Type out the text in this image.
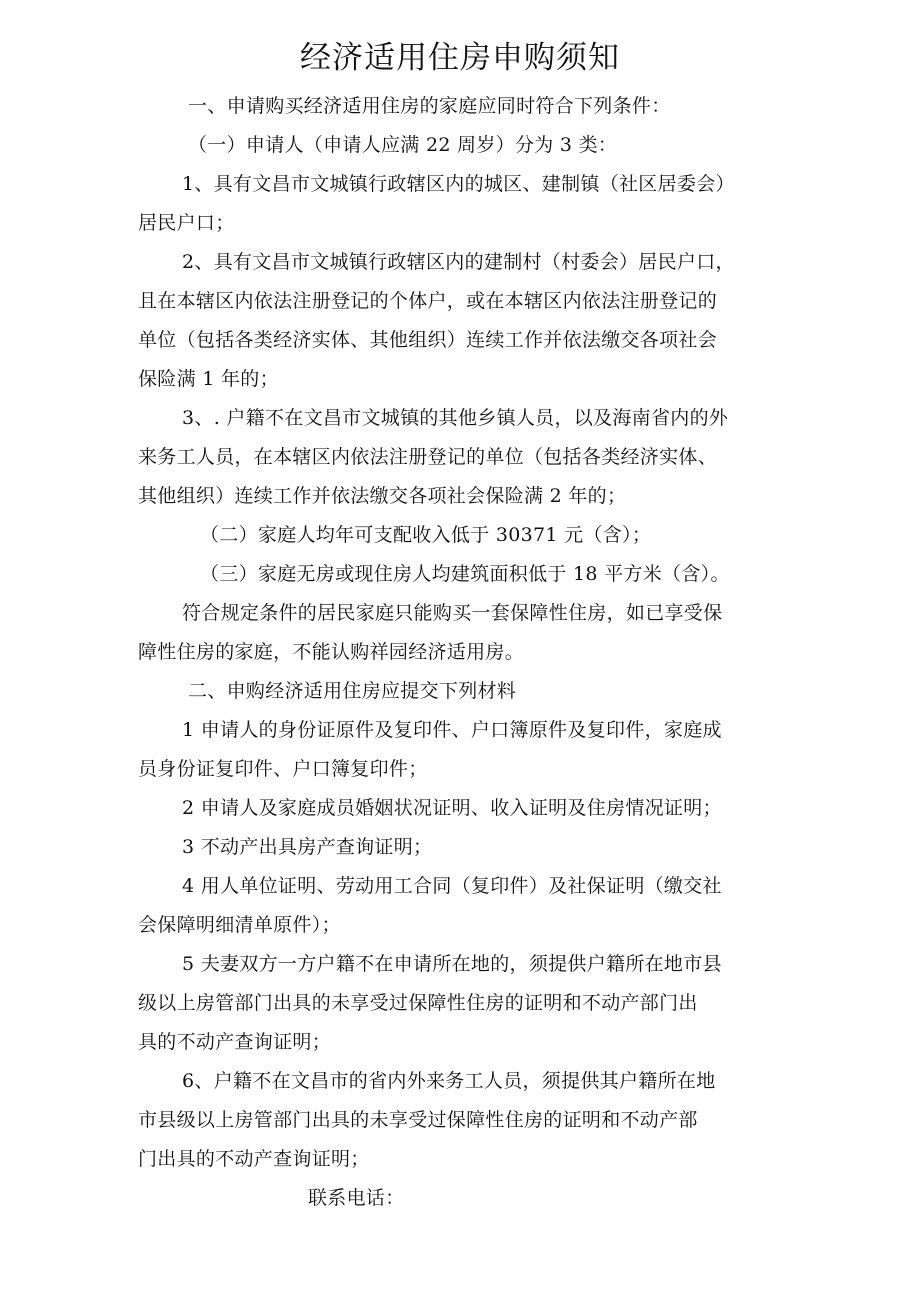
经济适用住房申购须知

一、申请购买经济适用住房的家庭应同时符合下列条件：

（一）申请人（申请人应满 22 周岁）分为 3 类：

1、具有文昌市文城镇行政辖区内的城区、建制镇（社区居委会）

居民户口；

2、具有文昌市文城镇行政辖区内的建制村（村委会）居民户口，

且在本辖区内依法注册登记的个体户，或在本辖区内依法注册登记的

单位（包括各类经济实体、其他组织）连续工作并依法缴交各项社会

保险满 1 年的；

3、. 户籍不在文昌市文城镇的其他乡镇人员，以及海南省内的外

来务工人员，在本辖区内依法注册登记的单位（包括各类经济实体、

其他组织）连续工作并依法缴交各项社会保险满 2 年的；

（二）家庭人均年可支配收入低于 30371 元（含）；

（三）家庭无房或现住房人均建筑面积低于 18 平方米（含）。

符合规定条件的居民家庭只能购买一套保障性住房，如已享受保

障性住房的家庭，不能认购祥园经济适用房。

二、申购经济适用住房应提交下列材料

1 申请人的身份证原件及复印件、户口簿原件及复印件，家庭成

员身份证复印件、户口簿复印件；

2 申请人及家庭成员婚姻状况证明、收入证明及住房情况证明；

3 不动产出具房产查询证明；

4 用人单位证明、劳动用工合同（复印件）及社保证明（缴交社

会保障明细清单原件）；

5 夫妻双方一方户籍不在申请所在地的，须提供户籍所在地市县

级以上房管部门出具的未享受过保障性住房的证明和不动产部门出

具的不动产查询证明；

6、户籍不在文昌市的省内外来务工人员，须提供其户籍所在地

市县级以上房管部门出具的未享受过保障性住房的证明和不动产部

门出具的不动产查询证明；

联系电话：
